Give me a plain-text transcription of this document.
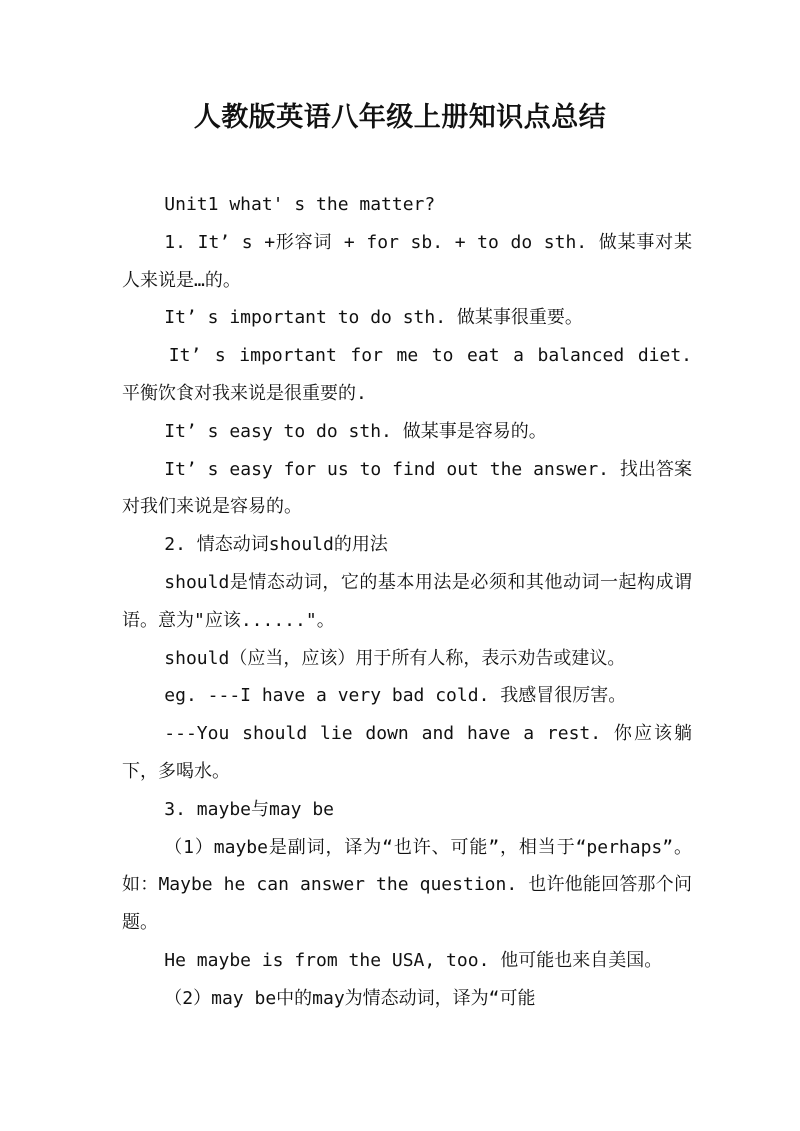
人教版英语八年级上册知识点总结

Unit1 what' s the matter?

1. It’ s +形容词 + for sb. + to do sth. 做某事对某人来说是…的。

It’ s important to do sth. 做某事很重要。

It’ s important for me to eat a balanced diet. 平衡饮食对我来说是很重要的.

It’ s easy to do sth. 做某事是容易的。

It’ s easy for us to find out the answer. 找出答案对我们来说是容易的。

2. 情态动词should的用法

should是情态动词，它的基本用法是必须和其他动词一起构成谓语。意为"应该......"。

should（应当，应该）用于所有人称，表示劝告或建议。

eg. ---I have a very bad cold. 我感冒很厉害。

---You should lie down and have a rest. 你应该躺下，多喝水。

3. maybe与may be

（1）maybe是副词，译为“也许、可能”，相当于“perhaps”。如：Maybe he can answer the question. 也许他能回答那个问题。

He maybe is from the USA, too. 他可能也来自美国。

（2）may be中的may为情态动词，译为“可能
